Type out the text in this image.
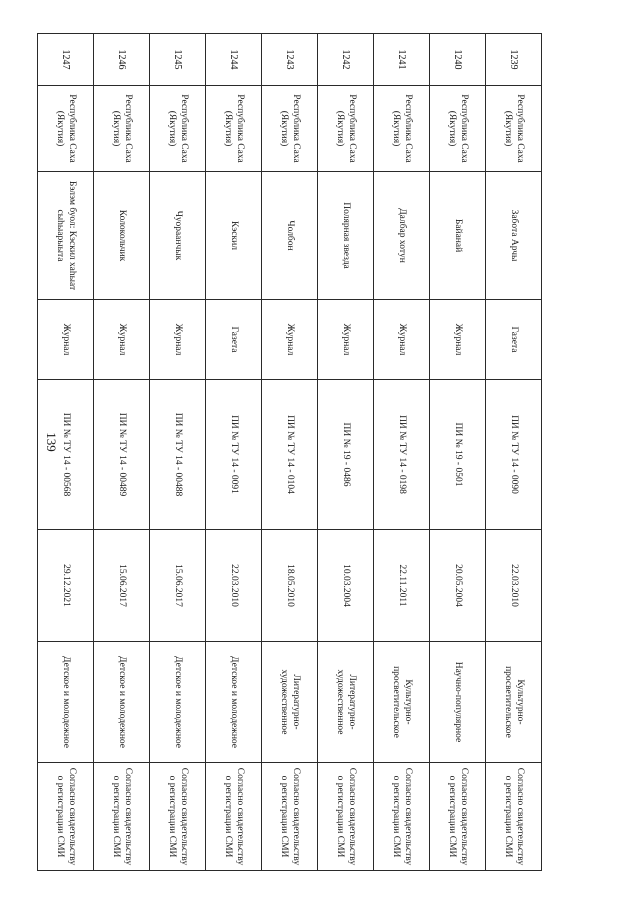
139
1239	Республика Саха (Якутия)	Забота Арчы	Газета	ПИ № ТУ 14 - 0090	22.03.2010	Культурно-просветительское	Согласно свидетельству о регистрации СМИ
1240	Республика Саха (Якутия)	Байанай	Журнал	ПИ № 19 - 0501	20.05.2004	Научно-популярное	Согласно свидетельству о регистрации СМИ
1241	Республика Саха (Якутия)	Далбар хотун	Журнал	ПИ № ТУ 14 - 0198	22.11.2011	Культурно-просветительское	Согласно свидетельству о регистрации СМИ
1242	Республика Саха (Якутия)	Полярная звезда	Журнал	ПИ № 19 - 0486	10.03.2004	Литературно-художественное	Согласно свидетельству о регистрации СМИ
1243	Республика Саха (Якутия)	Чолбон	Журнал	ПИ № ТУ 14 - 0104	18.05.2010	Литературно-художественное	Согласно свидетельству о регистрации СМИ
1244	Республика Саха (Якутия)	Кэскил	Газета	ПИ № ТУ 14 - 0091	22.03.2010	Детское и молодежное	Согласно свидетельству о регистрации СМИ
1245	Республика Саха (Якутия)	Чуораанчык	Журнал	ПИ № ТУ 14 - 00488	15.06.2017	Детское и молодежное	Согласно свидетельству о регистрации СМИ
1246	Республика Саха (Якутия)	Колокольчик	Журнал	ПИ № ТУ 14 - 00489	15.06.2017	Детское и молодежное	Согласно свидетельству о регистрации СМИ
1247	Республика Саха (Якутия)	Бэлэм буол: Кэскил хаhыат сыhыарыыта	Журнал	ПИ № ТУ 14 - 00568	29.12.2021	Детское и молодежное	Согласно свидетельству о регистрации СМИ
